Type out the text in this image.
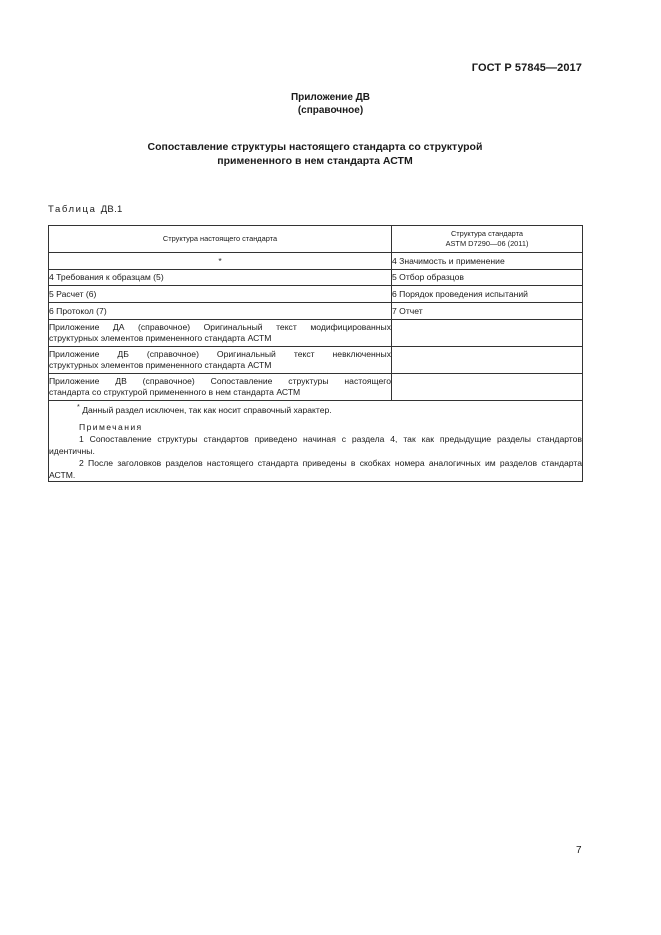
ГОСТ Р 57845—2017
Приложение ДВ
(справочное)
Сопоставление структуры настоящего стандарта со структурой
примененного в нем стандарта АСТМ
Таблица ДВ.1
Структура настоящего стандарта	Структура стандарта
ASTM D7290—06 (2011)

*	4 Значимость и применение
4 Требования к образцам (5)	5 Отбор образцов
5 Расчет (6)	6 Порядок проведения испытаний
6 Протокол (7)	7 Отчет

Приложение ДА (справочное) Оригинальный текст модифицированных
структурных элементов примененного стандарта АСТМ	

Приложение ДБ (справочное) Оригинальный текст невключенных
структурных элементов примененного стандарта АСТМ	

Приложение ДВ (справочное) Сопоставление структуры настоящего
стандарта со структурой примененного в нем стандарта АСТМ	

* Данный раздел исключен, так как носит справочный характер.
Примечания
1 Сопоставление структуры стандартов приведено начиная с раздела 4, так как предыдущие разделы стандартов идентичны.
2 После заголовков разделов настоящего стандарта приведены в скобках номера аналогичных им разделов стандарта АСТМ.	
7
